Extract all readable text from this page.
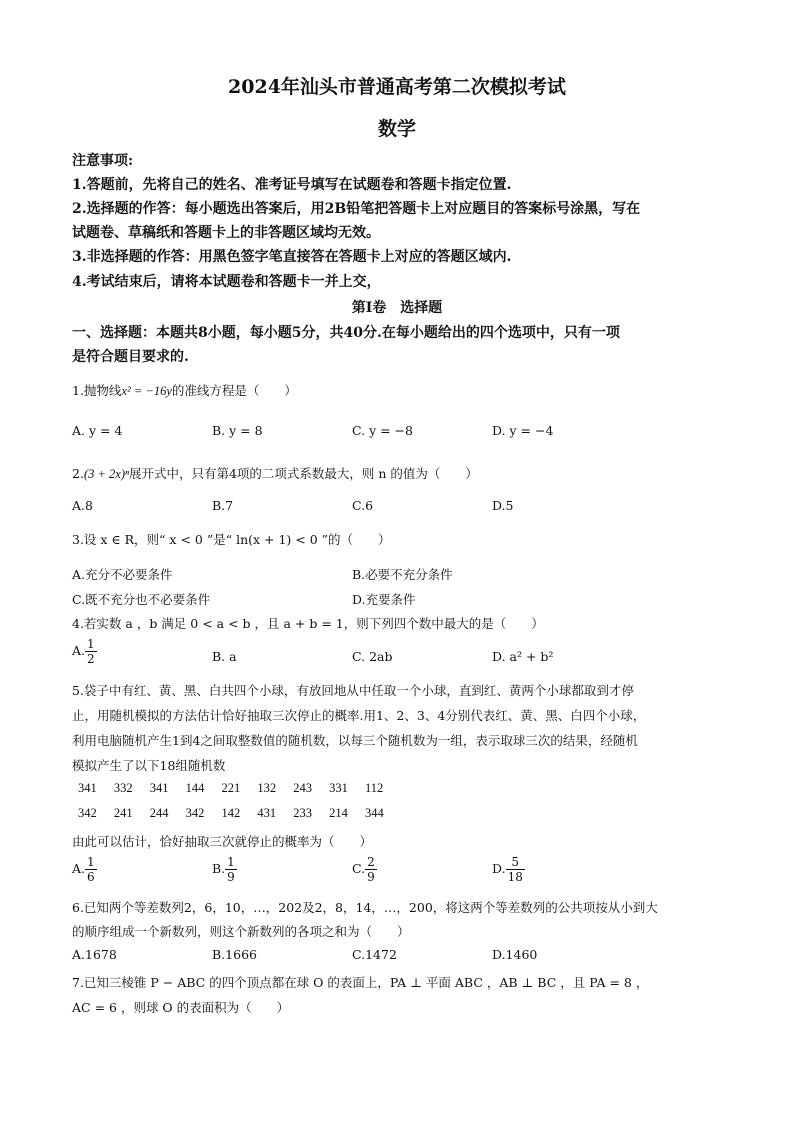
2024年汕头市普通高考第二次模拟考试
数学
注意事项:
1.答题前，先将自己的姓名、准考证号填写在试题卷和答题卡指定位置.
2.选择题的作答：每小题选出答案后，用2B铅笔把答题卡上对应题目的答案标号涂黑，写在
试题卷、草稿纸和答题卡上的非答题区域均无效。
3.非选择题的作答：用黑色签字笔直接答在答题卡上对应的答题区域内.
4.考试结束后，请将本试题卷和答题卡一并上交，
第Ⅰ卷　选择题
一、选择题：本题共8小题，每小题5分，共40分.在每小题给出的四个选项中，只有一项
是符合题目要求的.
1.抛物线x² = −16y的准线方程是（　　）
A. y = 4	B. y = 8	C. y = −8	D. y = −4
2.(3 + 2x)ⁿ展开式中，只有第4项的二项式系数最大，则 n 的值为（　　）
A.8	B.7	C.6	D.5
3.设 x ∈ R，则“ x < 0 ”是“ ln(x + 1) < 0 ”的（　　）
A.充分不必要条件	B.必要不充分条件
C.既不充分也不必要条件	D.充要条件
4.若实数 a ，b 满足 0 < a < b ，且 a + b = 1，则下列四个数中最大的是（　　）
A. $\frac{1}{2}$	B. a	C. 2ab	D. a² + b²
5.袋子中有红、黄、黑、白共四个小球，有放回地从中任取一个小球，直到红、黄两个小球都取到才停
止，用随机模拟的方法估计恰好抽取三次停止的概率.用1、2、3、4分别代表红、黄、黑、白四个小球，
利用电脑随机产生1到4之间取整数值的随机数，以每三个随机数为一组，表示取球三次的结果，经随机
模拟产生了以下18组随机数
341 332 341 144 221 132 243 331 112
342 241 244 342 142 431 233 214 344
由此可以估计，恰好抽取三次就停止的概率为（　　）
A. $\frac{1}{6}$	B. $\frac{1}{9}$	C. $\frac{2}{9}$	D. $\frac{5}{18}$
6.已知两个等差数列2，6，10，…，202及2，8，14，…，200，将这两个等差数列的公共项按从小到大
的顺序组成一个新数列，则这个新数列的各项之和为（　　）
A.1678	B.1666	C.1472	D.1460
7.已知三棱锥 P − ABC 的四个顶点都在球 O 的表面上，PA ⊥ 平面 ABC ，AB ⊥ BC ，且 PA = 8 ，
AC = 6 ，则球 O 的表面积为（　　）
